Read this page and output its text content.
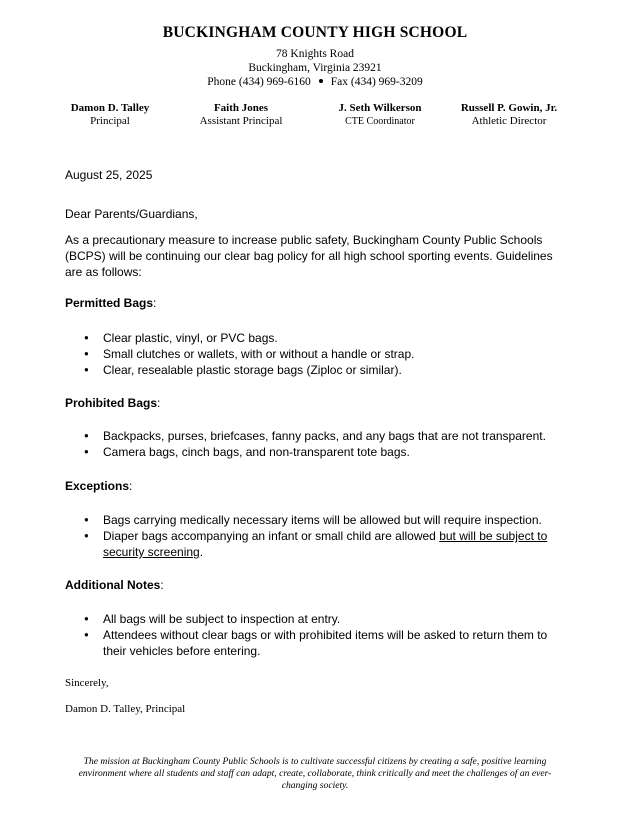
BUCKINGHAM COUNTY HIGH SCHOOL
78 Knights Road
Buckingham, Virginia 23921
Phone (434) 969-6160 Fax (434) 969-3209
Damon D. Talley
Principal
Faith Jones
Assistant Principal
J. Seth Wilkerson
CTE Coordinator
Russell P. Gowin, Jr.
Athletic Director
August 25, 2025
Dear Parents/Guardians,
As a precautionary measure to increase public safety, Buckingham County Public Schools (BCPS) will be continuing our clear bag policy for all high school sporting events. Guidelines are as follows:
Permitted Bags:
● Clear plastic, vinyl, or PVC bags.
● Small clutches or wallets, with or without a handle or strap.
● Clear, resealable plastic storage bags (Ziploc or similar).
Prohibited Bags:
● Backpacks, purses, briefcases, fanny packs, and any bags that are not transparent.
● Camera bags, cinch bags, and non-transparent tote bags.
Exceptions:
● Bags carrying medically necessary items will be allowed but will require inspection.
● Diaper bags accompanying an infant or small child are allowed but will be subject to security screening.
Additional Notes:
● All bags will be subject to inspection at entry.
● Attendees without clear bags or with prohibited items will be asked to return them to their vehicles before entering.
Sincerely,
Damon D. Talley, Principal
The mission at Buckingham County Public Schools is to cultivate successful citizens by creating a safe, positive learning environment where all students and staff can adapt, create, collaborate, think critically and meet the challenges of an ever-changing society.
